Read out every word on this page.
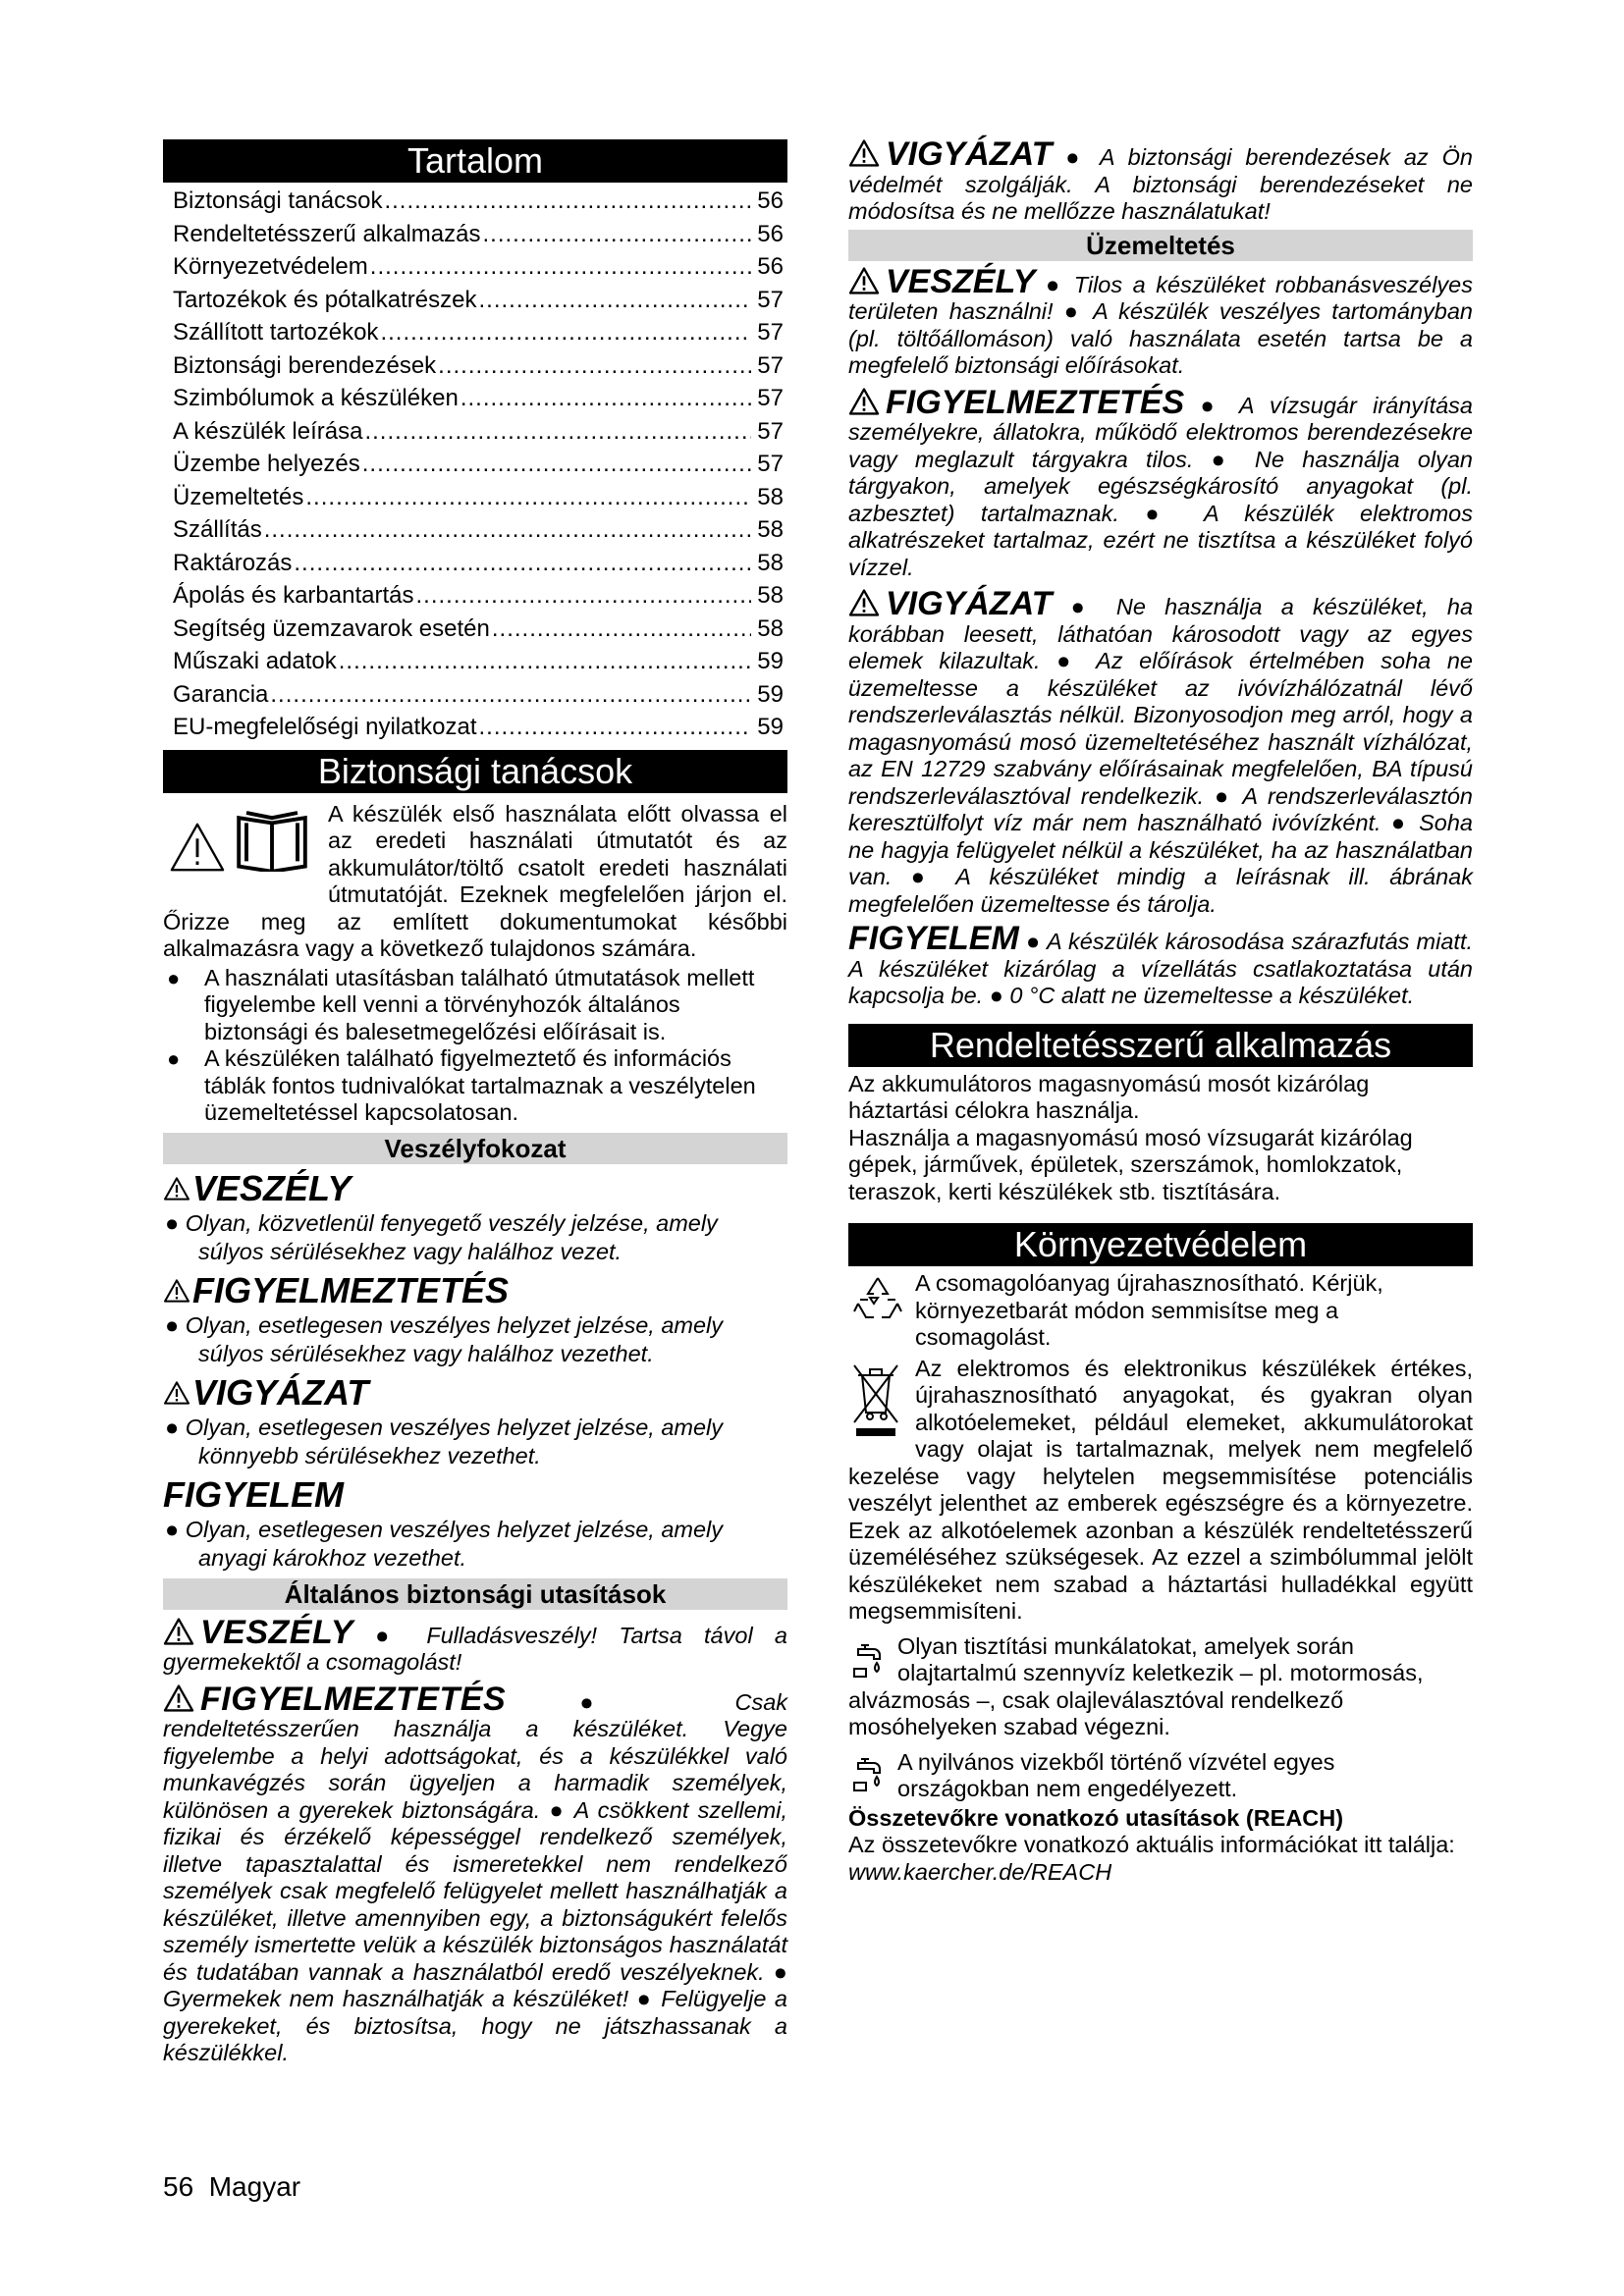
Tartalom
Biztonsági tanácsok .....	56
Rendeltetésszerű alkalmazás .....	56
Környezetvédelem .....	56
Tartozékok és pótalkatrészek .....	57
Szállított tartozékok .....	57
Biztonsági berendezések .....	57
Szimbólumok a készüléken .....	57
A készülék leírása .....	57
Üzembe helyezés .....	57
Üzemeltetés .....	58
Szállítás .....	58
Raktározás .....	58
Ápolás és karbantartás .....	58
Segítség üzemzavarok esetén .....	58
Műszaki adatok .....	59
Garancia .....	59
EU-megfelelőségi nyilatkozat .....	59
Biztonsági tanácsok

A készülék első használata előtt olvassa el az eredeti használati útmutatót és az akkumulátor/töltő csatolt eredeti használati útmutatóját. Ezeknek megfelelően járjon el. Őrizze meg az említett dokumentumokat későbbi alkalmazásra vagy a következő tulajdonos számára.

●	A használati utasításban található útmutatások mellett figyelembe kell venni a törvényhozók általános biztonsági és balesetmegelőzési előírásait is.
●	A készüléken található figyelmeztető és információs táblák fontos tudnivalókat tartalmaznak a veszélytelen üzemeltetéssel kapcsolatosan.
Veszélyfokozat
VESZÉLY
● Olyan, közvetlenül fenyegető veszély jelzése, amely
súlyos sérülésekhez vagy halálhoz vezet.
FIGYELMEZTETÉS
● Olyan, esetlegesen veszélyes helyzet jelzése, amely
súlyos sérülésekhez vagy halálhoz vezethet.
VIGYÁZAT
● Olyan, esetlegesen veszélyes helyzet jelzése, amely
könnyebb sérülésekhez vezethet.
FIGYELEM
● Olyan, esetlegesen veszélyes helyzet jelzése, amely
anyagi károkhoz vezethet.
Általános biztonsági utasítások

VESZÉLY ● Fulladásveszély! Tartsa távol a gyermekektől a csomagolást!

FIGYELMEZTETÉS	● Csak rendeltetésszerűen használja a készüléket. Vegye figyelembe a helyi adottságokat, és a készülékkel való munkavégzés során ügyeljen a harmadik személyek, különösen a gyerekek biztonságára. ● A csökkent szellemi, fizikai és érzékelő képességgel rendelkező személyek, illetve tapasztalattal és ismeretekkel nem rendelkező személyek csak megfelelő felügyelet mellett használhatják a készüléket, illetve amennyiben egy, a biztonságukért felelős személy ismertette velük a készülék biztonságos használatát és tudatában vannak a használatból eredő veszélyeknek. ● Gyermekek nem használhatják a készüléket! ● Felügyelje a gyerekeket, és biztosítsa, hogy ne játszhassanak a készülékkel.

VIGYÁZAT ● A biztonsági berendezések az Ön védelmét szolgálják. A biztonsági berendezéseket ne módosítsa és ne mellőzze használatukat!

Üzemeltetés

VESZÉLY ● Tilos a készüléket robbanásveszélyes területen használni! ● A készülék veszélyes tartományban (pl. töltőállomáson) való használata esetén tartsa be a megfelelő biztonsági előírásokat.

FIGYELMEZTETÉS ● A vízsugár irányítása személyekre, állatokra, működő elektromos berendezésekre vagy meglazult tárgyakra tilos. ● Ne használja olyan tárgyakon, amelyek egészségkárosító anyagokat (pl. azbesztet) tartalmaznak. ● A készülék elektromos alkatrészeket tartalmaz, ezért ne tisztítsa a készüléket folyó vízzel.

VIGYÁZAT ● Ne használja a készüléket, ha korábban leesett, láthatóan károsodott vagy az egyes elemek kilazultak. ● Az előírások értelmében soha ne üzemeltesse a készüléket az ivóvízhálózatnál lévő rendszerleválasztás nélkül. Bizonyosodjon meg arról, hogy a magasnyomású mosó üzemeltetéséhez használt vízhálózat, az EN 12729 szabvány előírásainak megfelelően, BA típusú rendszerleválasztóval rendelkezik. ● A rendszerleválasztón keresztülfolyt víz már nem használható ivóvízként. ● Soha ne hagyja felügyelet nélkül a készüléket, ha az használatban van. ● A készüléket mindig a leírásnak ill. ábrának megfelelően üzemeltesse és tárolja.

FIGYELEM ● A készülék károsodása szárazfutás miatt. A készüléket kizárólag a vízellátás csatlakoztatása után kapcsolja be. ● 0 °C alatt ne üzemeltesse a készüléket.

Rendeltetésszerű alkalmazás

Az akkumulátoros magasnyomású mosót kizárólag háztartási célokra használja.

Használja a magasnyomású mosó vízsugarát kizárólag gépek, járművek, épületek, szerszámok, homlokzatok, teraszok, kerti készülékek stb. tisztítására.

Környezetvédelem

A csomagolóanyag újrahasznosítható. Kérjük, környezetbarát módon semmisítse meg a csomagolást.

Az elektromos és elektronikus készülékek értékes, újrahasznosítható anyagokat, és gyakran olyan alkotóelemeket, például elemeket, akkumulátorokat vagy olajat is tartalmaznak, melyek nem megfelelő kezelése vagy helytelen megsemmisítése potenciális veszélyt jelenthet az emberek egészségre és a környezetre. Ezek az alkotóelemek azonban a készülék rendeltetésszerű üzeméléséhez szükségesek. Az ezzel a szimbólummal jelölt készülékeket nem szabad a háztartási hulladékkal együtt megsemmisíteni.

Olyan tisztítási munkálatokat, amelyek során olajtartalmú szennyvíz keletkezik – pl. motormosás, alvázmosás –, csak olajleválasztóval rendelkező mosóhelyeken szabad végezni.

A nyilvános vizekből történő vízvétel egyes országokban nem engedélyezett.

Összetevőkre vonatkozó utasítások (REACH)

Az összetevőkre vonatkozó aktuális információkat itt találja: www.kaercher.de/REACH

56 Magyar
